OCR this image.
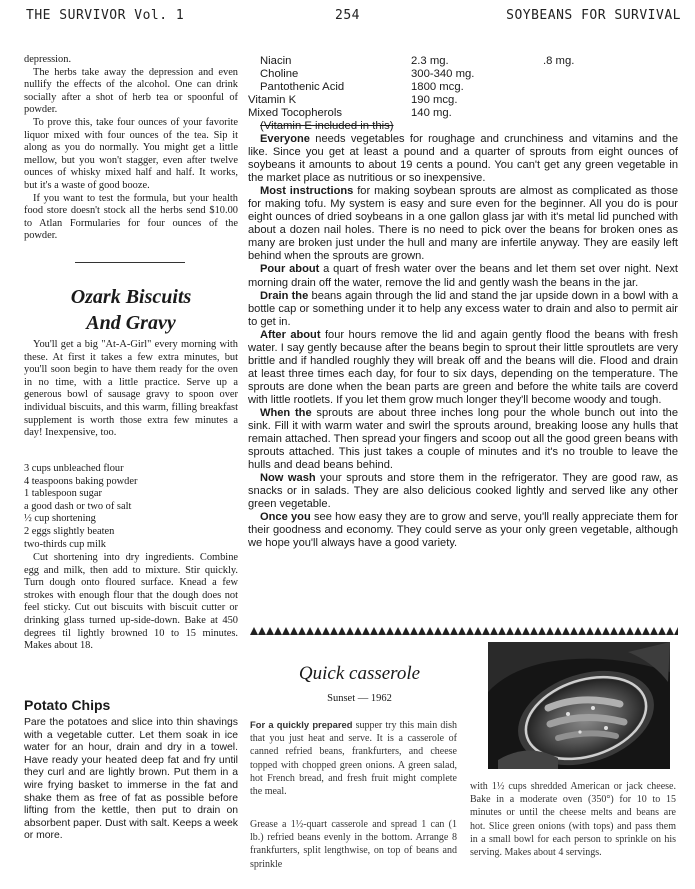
THE SURVIVOR Vol. 1	254	SOYBEANS FOR SURVIVAL

depression.

The herbs take away the depression and even nullify the effects of the alcohol. One can drink socially after a shot of herb tea or spoonful of powder.

To prove this, take four ounces of your favorite liquor mixed with four ounces of the tea. Sip it along as you do normally. You might get a little mellow, but you won't stagger, even after twelve ounces of whisky mixed half and half. It works, but it's a waste of good booze.

If you want to test the formula, but your health food store doesn't stock all the herbs send $10.00 to Atlan Formularies for four ounces of the powder.

Ozark Biscuits
And Gravy

You'll get a big "At-A-Girl" every morning with these. At first it takes a few extra minutes, but you'll soon begin to have them ready for the oven in no time, with a little practice. Serve up a generous bowl of sausage gravy to spoon over individual biscuits, and this warm, filling breakfast supplement is worth those extra few minutes a day! Inexpensive, too.

3 cups unbleached flour

4 teaspoons baking powder

1 tablespoon sugar

a good dash or two of salt

½ cup shortening

2 eggs slightly beaten

two-thirds cup milk

Cut shortening into dry ingredients. Combine egg and milk, then add to mixture. Stir quickly. Turn dough onto floured surface. Knead a few strokes with enough flour that the dough does not feel sticky. Cut out biscuits with biscuit cutter or drinking glass turned up-side-down. Bake at 450 degrees til lightly browned 10 to 15 minutes. Makes about 18.

Potato Chips
Pare the potatoes and slice into thin shavings with a vegetable cutter. Let them soak in ice water for an hour, drain and dry in a towel. Have ready your heated deep fat and fry until they curl and are lightly brown. Put them in a wire frying basket to immerse in the fat and shake them as free of fat as possible before lifting from the kettle, then put to drain on absorbent paper. Dust with salt. Keeps a week or more.
Niacin	2.3 mg.	.8 mg.
Choline	300-340 mg.
Pantothenic Acid	1800 mcg.
Vitamin K	190 mcg.
Mixed Tocopherols	140 mg.
(Vitamin E included in this)

Everyone needs vegetables for roughage and crunchiness and vitamins and the like. Since you get at least a pound and a quarter of sprouts from eight ounces of soybeans it amounts to about 19 cents a pound. You can't get any green vegetable in the market place as nutritious or so inexpensive.

Most instructions for making soybean sprouts are almost as complicated as those for making tofu. My system is easy and sure even for the beginner. All you do is pour eight ounces of dried soybeans in a one gallon glass jar with it's metal lid punched with about a dozen nail holes. There is no need to pick over the beans for broken ones as many are broken just under the hull and many are infertile anyway. They are easily left behind when the sprouts are grown.

Pour about a quart of fresh water over the beans and let them set over night. Next morning drain off the water, remove the lid and gently wash the beans in the jar.

Drain the beans again through the lid and stand the jar upside down in a bowl with a bottle cap or something under it to help any excess water to drain and also to permit air to get in.

After about four hours remove the lid and again gently flood the beans with fresh water. I say gently because after the beans begin to sprout their little sproutlets are very brittle and if handled roughly they will break off and the beans will die. Flood and drain at least three times each day, for four to six days, depending on the temperature. The sprouts are done when the bean parts are green and before the white tails are coverd with little rootlets. If you let them grow much longer they'll become woody and tough.

When the sprouts are about three inches long pour the whole bunch out into the sink. Fill it with warm water and swirl the sprouts around, breaking loose any hulls that remain attached. Then spread your fingers and scoop out all the good green beans with sprouts attached. This just takes a couple of minutes and it's no trouble to leave the hulls and dead beans behind.

Now wash your sprouts and store them in the refrigerator. They are good raw, as snacks or in salads. They are also delicious cooked lightly and served like any other green vegetable.

Once you see how easy they are to grow and serve, you'll really appreciate them for their goodness and economy. They could serve as your only green vegetable, although we hope you'll always have a good variety.

Quick casserole
Sunset — 1962
For a quickly prepared supper try this main dish that you just heat and serve. It is a casserole of canned refried beans, frankfurters, and cheese topped with chopped green onions. A green salad, hot French bread, and fresh fruit might complete the meal.
Grease a 1½-quart casserole and spread 1 can (1 lb.) refried beans evenly in the bottom. Arrange 8 frankfurters, split lengthwise, on top of beans and sprinkle
with 1½ cups shredded American or jack cheese. Bake in a moderate oven (350°) for 10 to 15 minutes or until the cheese melts and beans are hot. Slice green onions (with tops) and pass them in a small bowl for each person to sprinkle on his serving. Makes about 4 servings.
